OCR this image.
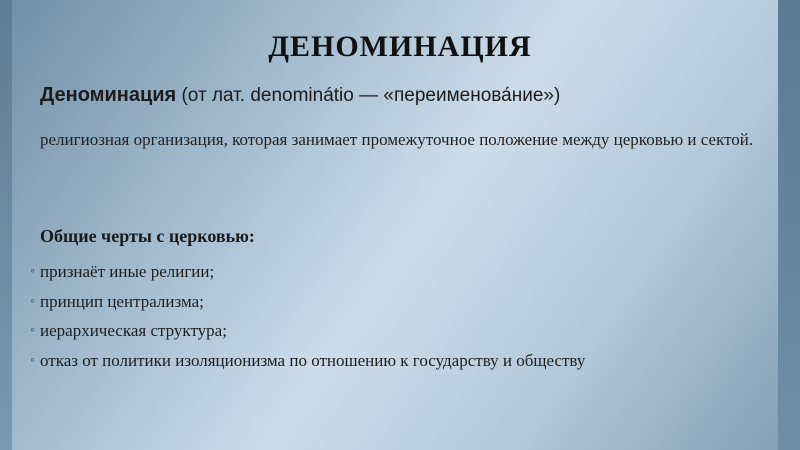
ДЕНОМИНАЦИЯ
Деноминация (от лат. denominátio — «переименова́ние»)
религиозная организация, которая занимает промежуточное положение между церковью и сектой.
Общие черты с церковью:
◦ признаёт иные религии;
◦ принцип централизма;
◦ иерархическая структура;
◦ отказ от политики изоляционизма по отношению к государству и обществу
